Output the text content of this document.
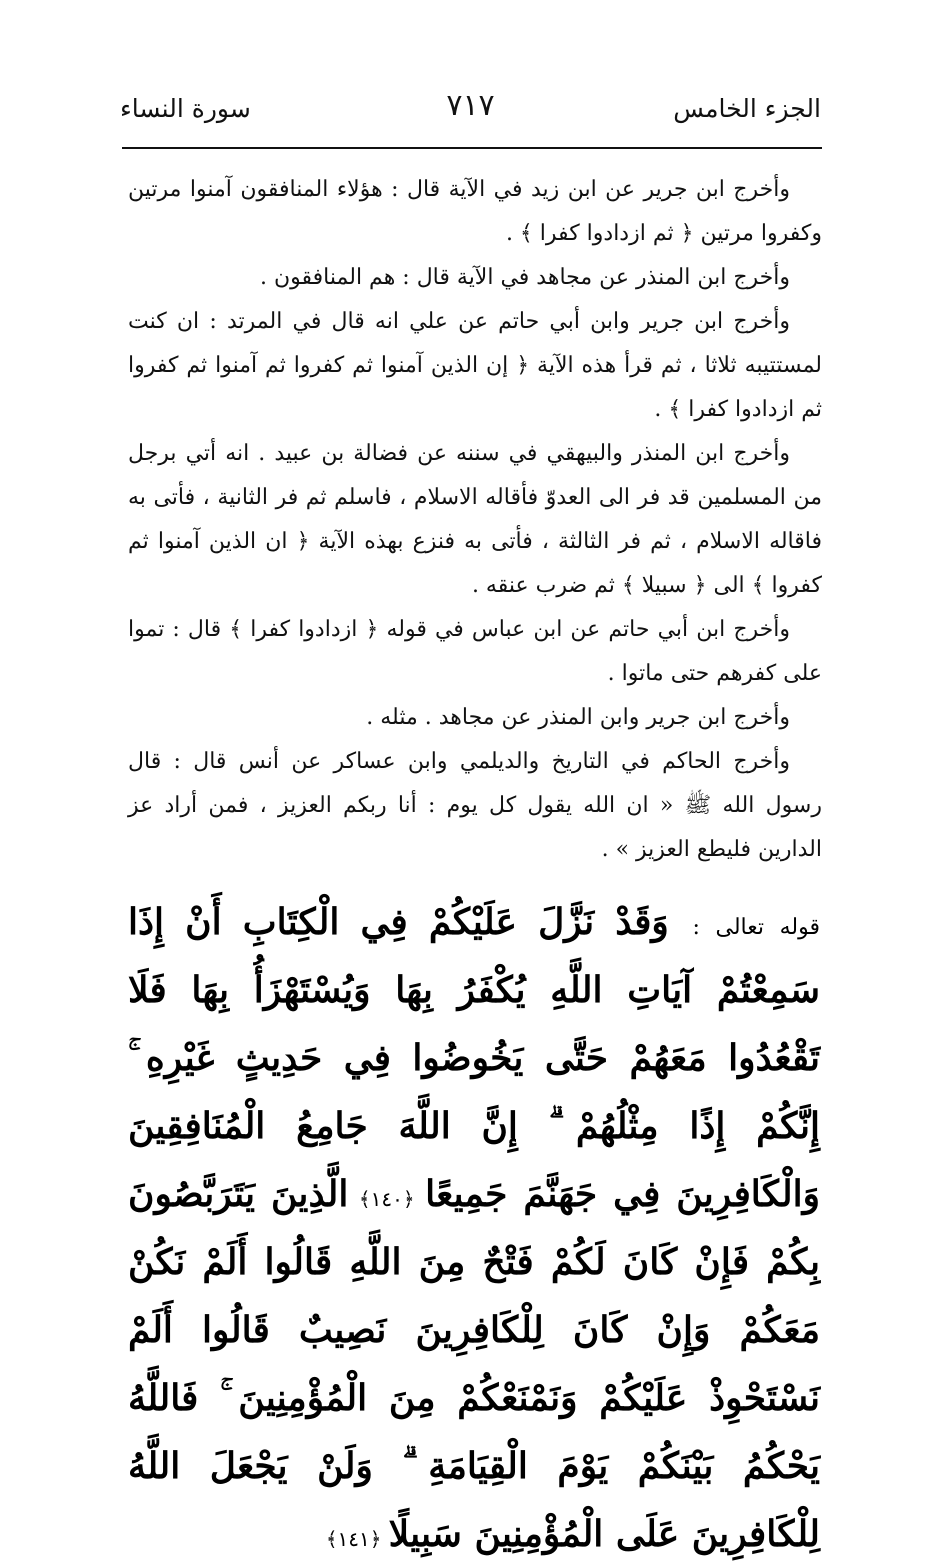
الجزء الخامس
٧١٧
سورة النساء

وأخرج ابن جرير عن ابن زيد في الآية قال : هؤلاء المنافقون آمنوا مرتين وكفروا مرتين ﴿ ثم ازدادوا كفرا ﴾ .

وأخرج ابن المنذر عن مجاهد في الآية قال : هم المنافقون .

وأخرج ابن جرير وابن أبي حاتم عن علي انه قال في المرتد : ان كنت لمستتيبه ثلاثا ، ثم قرأ هذه الآية ﴿ إن الذين آمنوا ثم كفروا ثم آمنوا ثم كفروا ثم ازدادوا كفرا ﴾ .

وأخرج ابن المنذر والبيهقي في سننه عن فضالة بن عبيد . انه أتي برجل من المسلمين قد فر الى العدوّ فأقاله الاسلام ، فاسلم ثم فر الثانية ، فأتى به فاقاله الاسلام ، ثم فر الثالثة ، فأتى به فنزع بهذه الآية ﴿ ان الذين آمنوا ثم كفروا ﴾ الى ﴿ سبيلا ﴾ ثم ضرب عنقه .

وأخرج ابن أبي حاتم عن ابن عباس في قوله ﴿ ازدادوا كفرا ﴾ قال : تموا على كفرهم حتى ماتوا .

وأخرج ابن جرير وابن المنذر عن مجاهد . مثله .

وأخرج الحاكم في التاريخ والديلمي وابن عساكر عن أنس قال : قال رسول الله ﷺ « ان الله يقول كل يوم : أنا ربكم العزيز ، فمن أراد عز الدارين فليطع العزيز » .

قوله تعالى : وَقَدْ نَزَّلَ عَلَيْكُمْ فِي الْكِتَابِ أَنْ إِذَا سَمِعْتُمْ آيَاتِ اللَّهِ يُكْفَرُ بِهَا وَيُسْتَهْزَأُ بِهَا فَلَا تَقْعُدُوا مَعَهُمْ حَتَّى يَخُوضُوا فِي حَدِيثٍ غَيْرِهِ ۚ إِنَّكُمْ إِذًا مِثْلُهُمْ ۗ إِنَّ اللَّهَ جَامِعُ الْمُنَافِقِينَ وَالْكَافِرِينَ فِي جَهَنَّمَ جَمِيعًا ﴿١٤٠﴾ الَّذِينَ يَتَرَبَّصُونَ بِكُمْ فَإِنْ كَانَ لَكُمْ فَتْحٌ مِنَ اللَّهِ قَالُوا أَلَمْ نَكُنْ مَعَكُمْ وَإِنْ كَانَ لِلْكَافِرِينَ نَصِيبٌ قَالُوا أَلَمْ نَسْتَحْوِذْ عَلَيْكُمْ وَنَمْنَعْكُمْ مِنَ الْمُؤْمِنِينَ ۚ فَاللَّهُ يَحْكُمُ بَيْنَكُمْ يَوْمَ الْقِيَامَةِ ۗ وَلَنْ يَجْعَلَ اللَّهُ لِلْكَافِرِينَ عَلَى الْمُؤْمِنِينَ سَبِيلًا ﴿١٤١﴾
